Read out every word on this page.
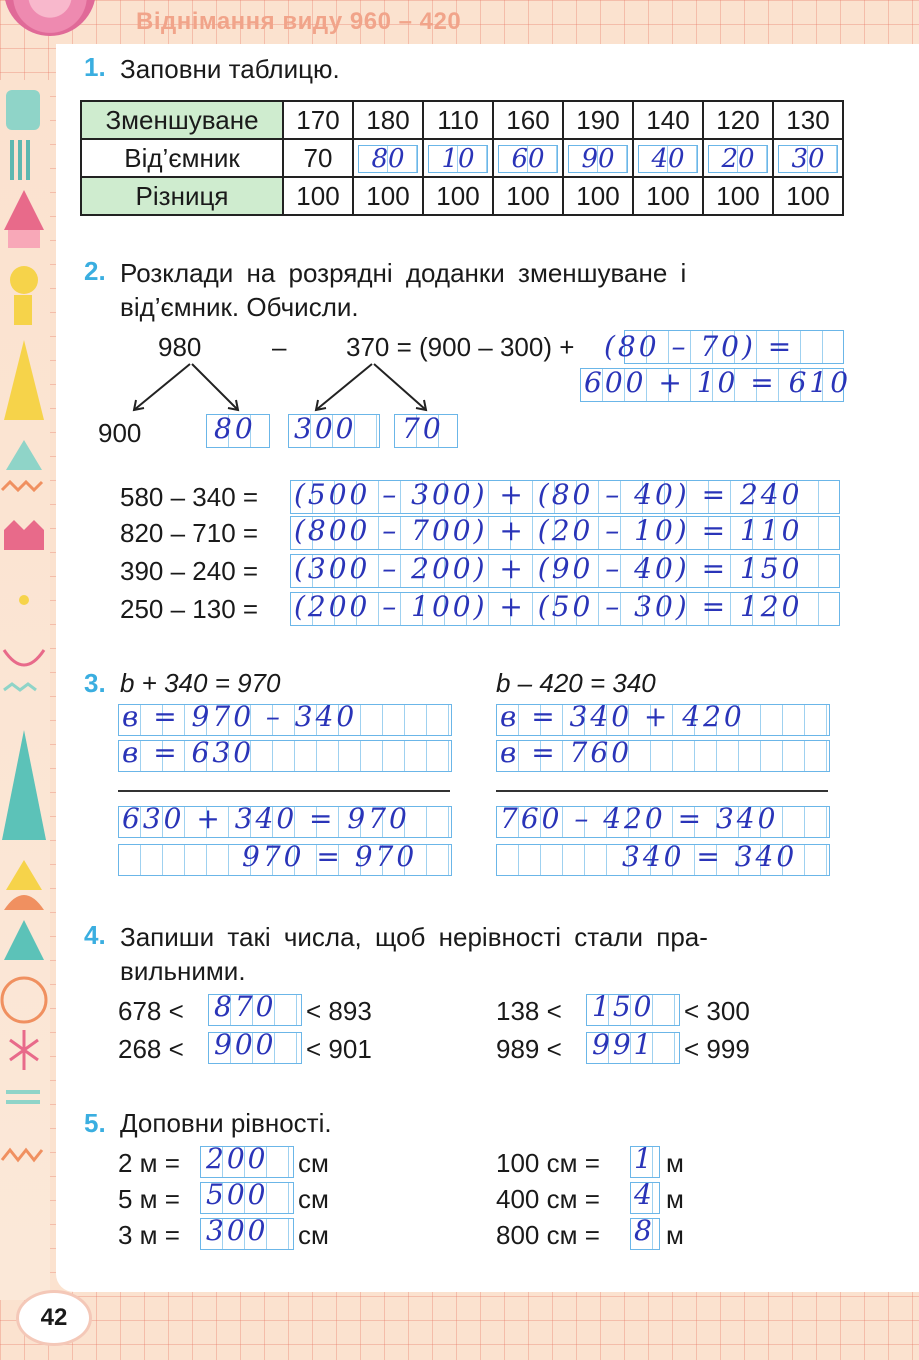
Віднімання виду 960 – 420
1. Заповни таблицю.
Зменшуване	170	180	110	160	190	140	120	130
Від’ємник	70	80	10	60	90	40	20	30
Різниця	100	100	100	100	100	100	100	100
2. Розклади на розрядні доданки зменшуване і
від’ємник. Обчисли.
980	– 370 = (900 – 300) + (80 – 70) =
600 + 10 = 610
900	80 300 70
580 – 340 = (500 – 300) + (80 – 40) = 240
820 – 710 = (800 – 700) + (20 – 10) = 110
390 – 240 = (300 – 200) + (90 – 40) = 150
250 – 130 = (200 – 100) + (50 – 30) = 120
3. b + 340 = 970	b – 420 = 340
в = 970 – 340
в = 630
630 + 340 = 970
970 = 970
в = 340 + 420
в = 760
760 – 420 = 340
340 = 340
4. Запиши такі числа, щоб нерівності стали пра-
вильними.
678 < 870 < 893
268 < 900 < 901
138 < 150 < 300
989 < 991 < 999
5. Доповни рівності.
2 м = 200 см
5 м = 500 см
3 м = 300 см
100 см = 1 м
400 см = 4 м
800 см = 8 м
42
